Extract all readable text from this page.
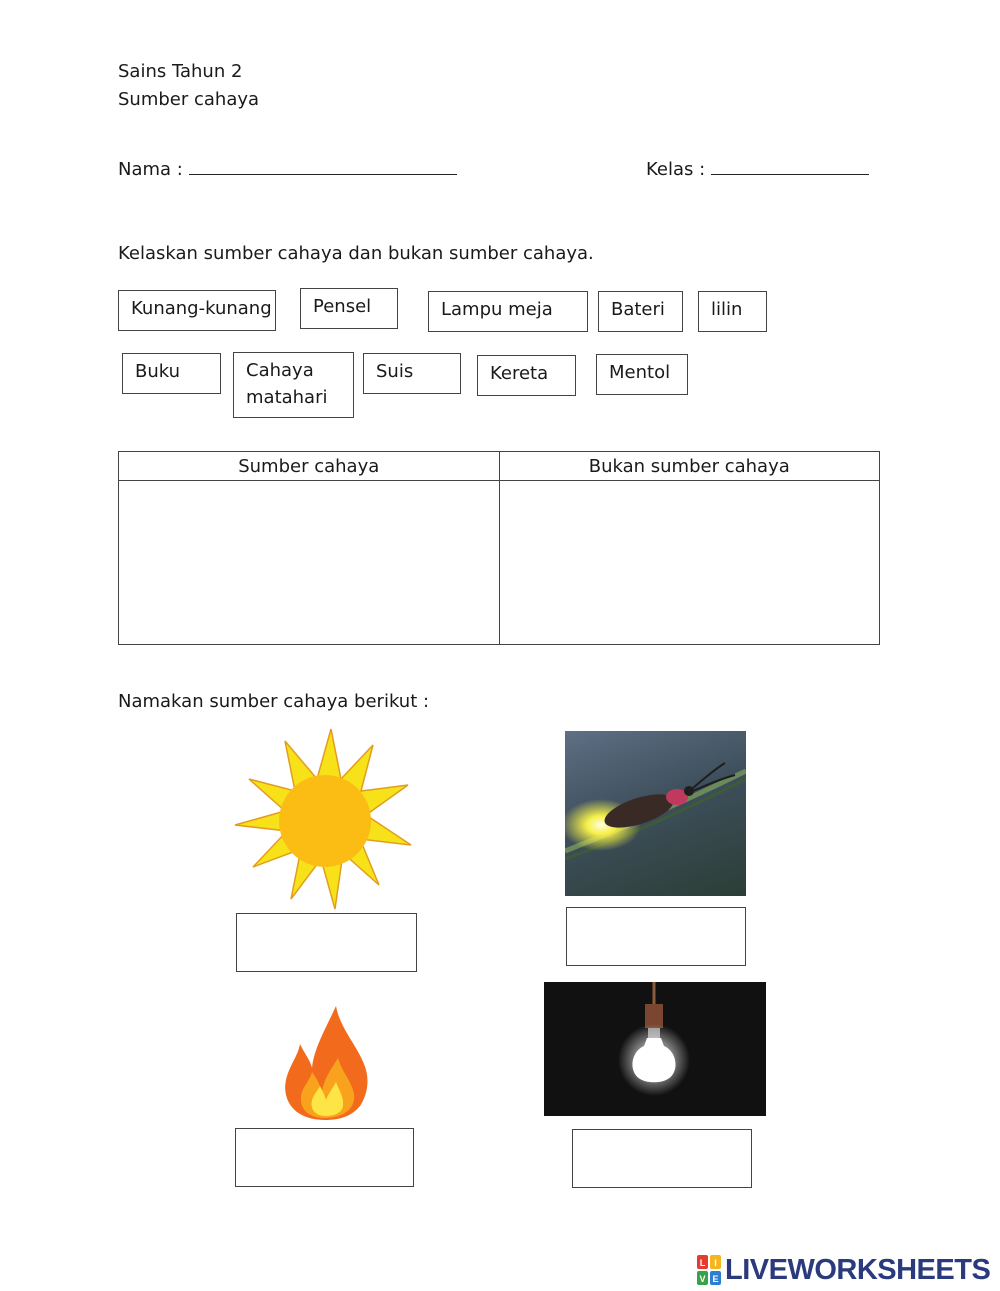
Sains Tahun 2
Sumber cahaya
Nama :	Kelas :
Kelaskan sumber cahaya dan bukan sumber cahaya.
Kunang-kunang	Pensel	Lampu meja	Bateri	lilin
Buku	Cahaya matahari
Suis	Kereta	Mentol
Sumber cahaya	Bukan sumber cahaya

Namakan sumber cahaya berikut :
L I
V E LIVEWORKSHEETS
